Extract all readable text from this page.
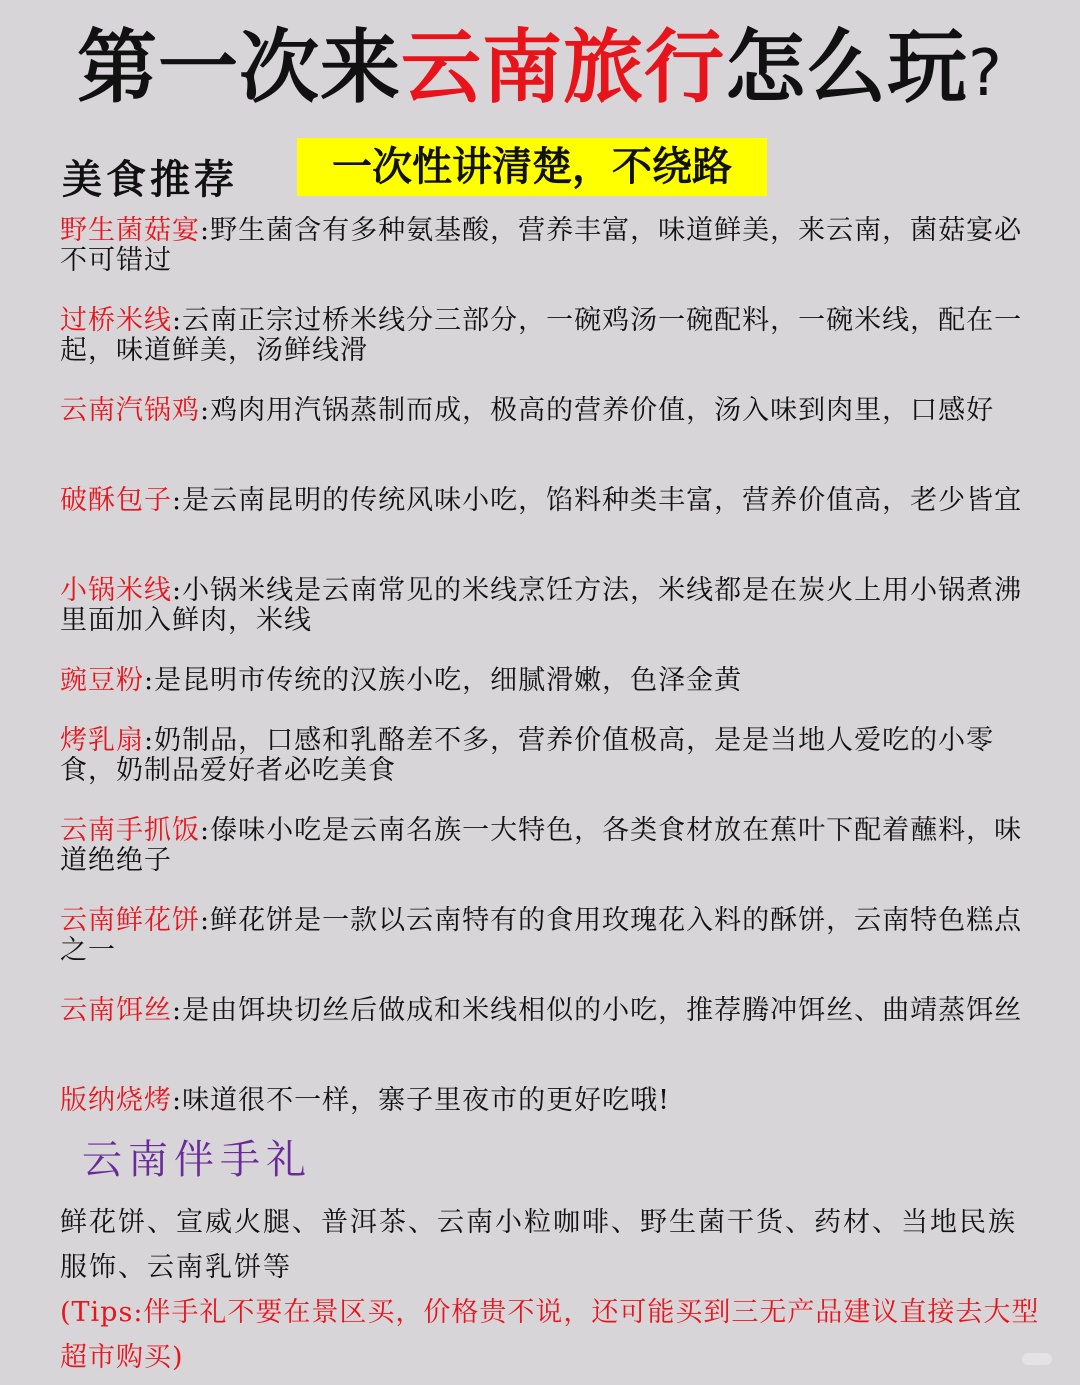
第一次来云南旅行怎么玩?
美食推荐	一次性讲清楚，不绕路
野生菌菇宴:野生菌含有多种氨基酸，营养丰富，味道鲜美，来云南，菌菇宴必不可错过
过桥米线:云南正宗过桥米线分三部分，一碗鸡汤一碗配料，一碗米线，配在一起，味道鲜美，汤鲜线滑
云南汽锅鸡:鸡肉用汽锅蒸制而成，极高的营养价值，汤入味到肉里，口感好
破酥包子:是云南昆明的传统风味小吃，馅料种类丰富，营养价值高，老少皆宜
小锅米线:小锅米线是云南常见的米线烹饪方法，米线都是在炭火上用小锅煮沸里面加入鲜肉，米线
豌豆粉:是昆明市传统的汉族小吃，细腻滑嫩，色泽金黄
烤乳扇:奶制品，口感和乳酪差不多，营养价值极高，是是当地人爱吃的小零食，奶制品爱好者必吃美食
云南手抓饭:傣味小吃是云南名族一大特色，各类食材放在蕉叶下配着蘸料，味道绝绝子
云南鲜花饼:鲜花饼是一款以云南特有的食用玫瑰花入料的酥饼，云南特色糕点之一
云南饵丝:是由饵块切丝后做成和米线相似的小吃，推荐腾冲饵丝、曲靖蒸饵丝
版纳烧烤:味道很不一样，寨子里夜市的更好吃哦!
云南伴手礼
鲜花饼、宣威火腿、普洱茶、云南小粒咖啡、野生菌干货、药材、当地民族服饰、云南乳饼等
(Tips:伴手礼不要在景区买，价格贵不说，还可能买到三无产品建议直接去大型超市购买)
